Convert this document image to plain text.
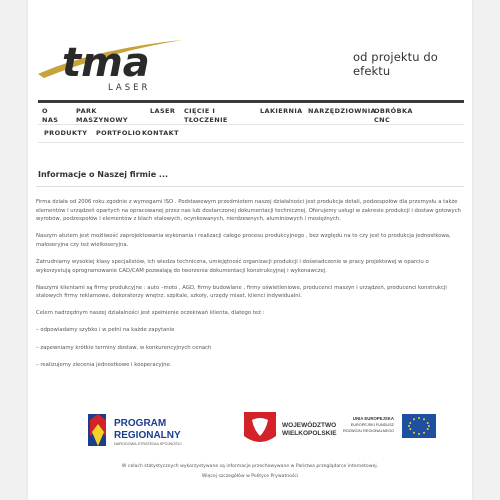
tma
LASER
od projektu do efektu
O
NAS
PARK
MASZYNOWY
LASER CIĘCIE I
TŁOCZENIE
LAKIERNIA NARZĘDZIOWNIA
OBRÓBKA
CNC
PRODUKTY PORTFOLIO KONTAKT
Informacje o Naszej firmie ...

Firma działa od 2006 roku zgodnie z wymogami ISO . Podstawowym przedmiotem naszej działalności jest produkcja detali, podzespołów dla przemysłu a także elementów i urządzeń opartych na opracowanej przez nas lub dostarczonej dokumentacji technicznej. Oferujemy usługi w zakresie produkcji i dostaw gotowych wyrobów, podzespołów i elementów z blach stalowych, ocynkowanych, nierdzewnych, aluminiowych i mosiężnych.

Naszym atutem jest możliwość zaprojektowania wykonania i realizacji całego procesu produkcyjnego , bez względu na to czy jest to produkcja jednostkowa, małoseryjna czy też wielkoseryjna.

Zatrudniamy wysokiej klasy specjalistów, ich wiedza techniczna, umiejętność organizacji produkcji i doświadczenie w pracy projektowej w oparciu o wykorzystują oprogramowanie CAD/CAM pozwalają do tworzenia dokumentacji konstrukcyjnej i wykonawczej.

Naszymi klientami są firmy produkcyjne : auto –moto , AGD, firmy budowlane , firmy oświetleniowe, producenci maszyn i urządzeń, producenci konstrukcji stalowych firmy reklamowe, dekoratorzy wnętrz, szpitale, szkoły, urzędy miast, klienci indywidualni.

Celem nadrzędnym naszej działalności jest spełnienie oczekiwań klienta, dlatego też :

– odpowiadamy szybko i w pełni na każde zapytanie

– zapewniamy krótkie terminy dostaw, w konkurencyjnych cenach

– realizujemy zlecenia jednostkowe i kooperacyjne.

PROGRAM
REGIONALNY
NARODOWA STRATEGIA SPÓJNOŚCI
WOJEWÓDZTWO
WIELKOPOLSKIE
UNIA EUROPEJSKA
EUROPEJSKI FUNDUSZ
ROZWOJU REGIONALNEGO
W celach statystycznych wykorzystywane są informacje przechowywane w Państwa przeglądarce internetowej.
Więcej szczegółów w Polityce Prywatności
